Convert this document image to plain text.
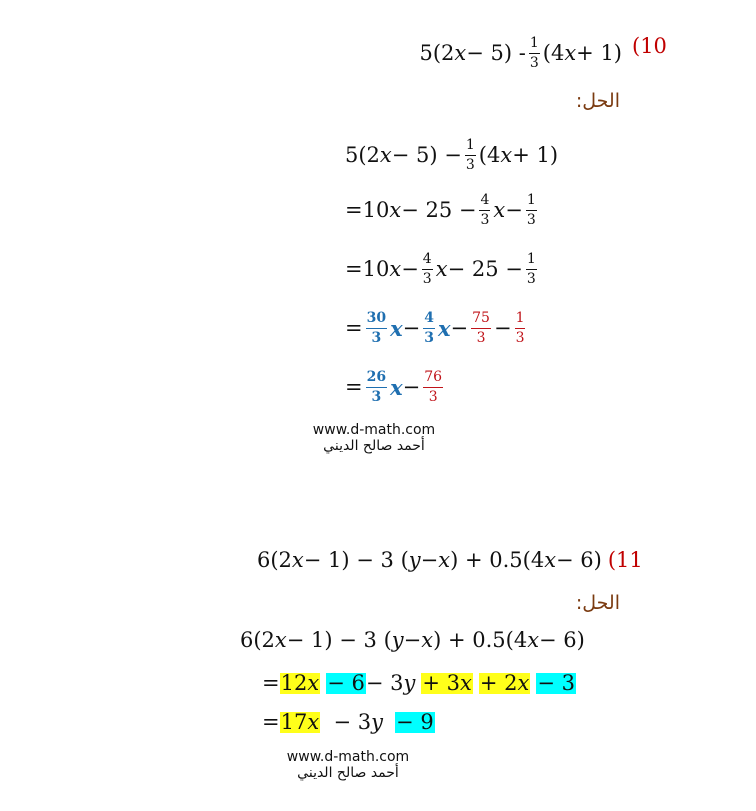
5(2 $x - 5) - \frac{1}{3} (4$ x + 1) (10
الحل:
5(2 $x - 5) - \frac{1}{3} (4$ x + 1)
= 10 $x - 25 - \frac{4}{3}$ $x - \frac{1}{3}$
= 10 $x - \frac{4}{3}$ $x - 25 - \frac{1}{3}$
= $\frac{30}{3}$ $x - \frac{4}{3}$ $x - \frac{75}{3} - \frac{1}{3}$
= $\frac{26}{3}$ $x - \frac{76}{3}$
www.d-math.com
أحمد صالح الديني
6(2 x − 1) − 3 ( y − x ) + 0.5(4 x − 6) (11
الحل:
6(2 x − 1) − 3 ( y − x ) + 0.5(4 x − 6)
= 12x − 6 − 3 y + 3x + 2x − 3
= 17x − 3 y − 9
www.d-math.com
أحمد صالح الديني
